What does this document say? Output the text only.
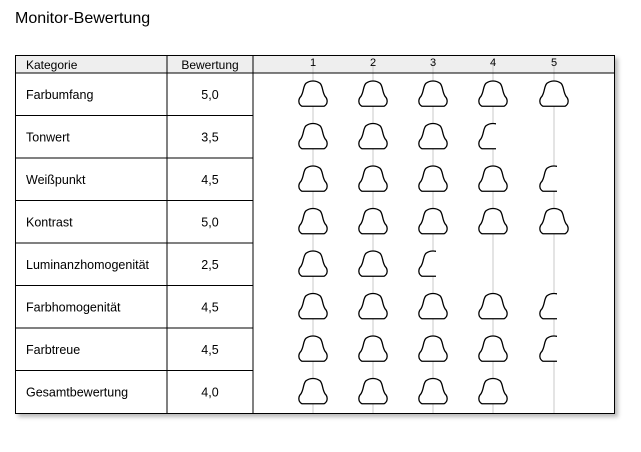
Monitor-Bewertung
Kategorie	Bewertung	1	2	3	4	5
Farbumfang	5,0
Tonwert	3,5
Weißpunkt	4,5
Kontrast	5,0
Luminanzhomogenität	2,5
Farbhomogenität	4,5
Farbtreue	4,5
Gesamtbewertung	4,0
